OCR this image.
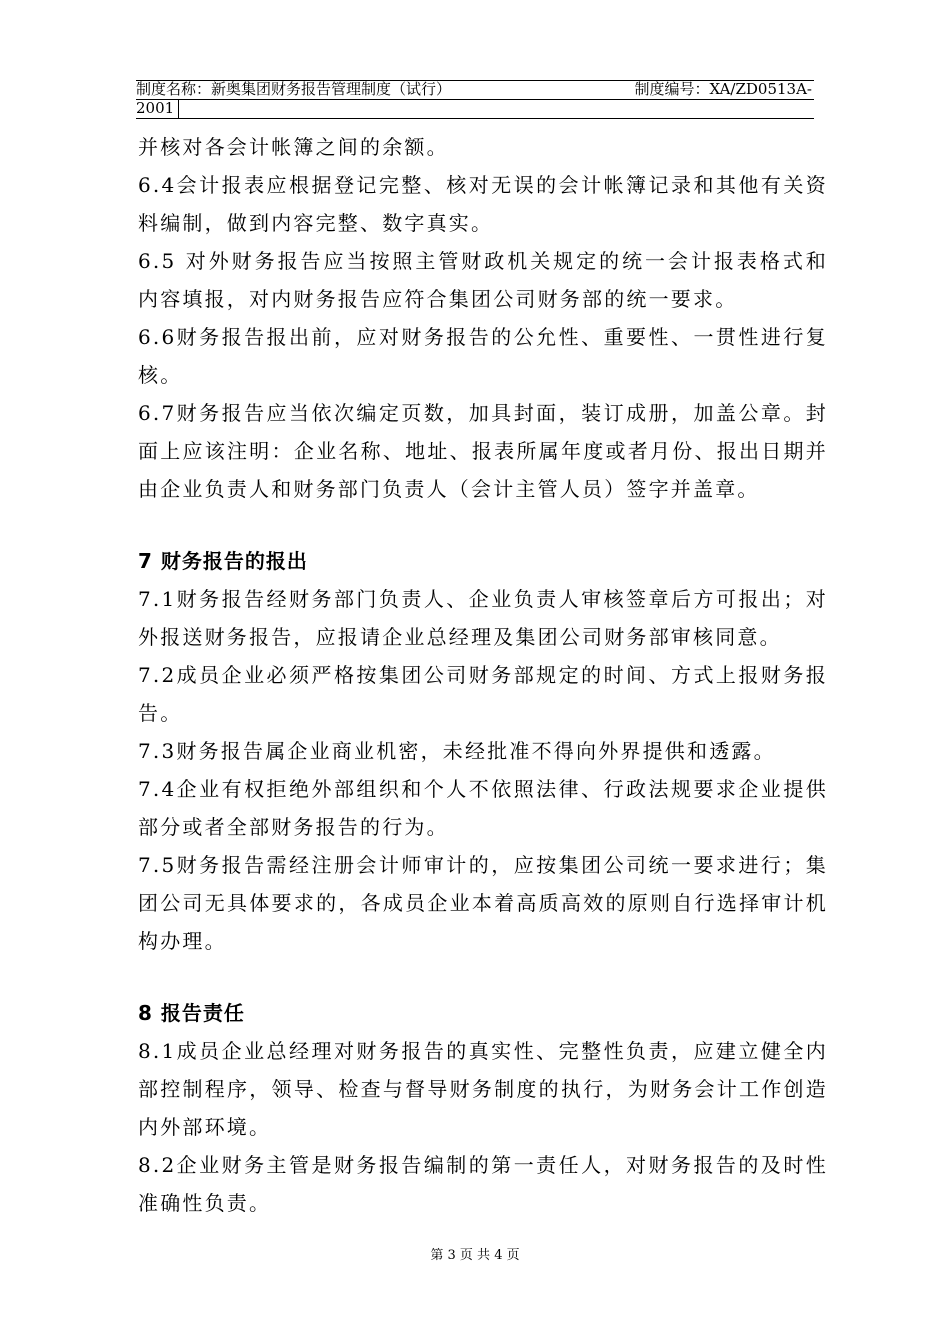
制度名称：新奥集团财务报告管理制度（试行）	制度编号：XA/ZD0513A-
2001

并核对各会计帐簿之间的余额。

6.4会计报表应根据登记完整、核对无误的会计帐簿记录和其他有关资料编制，做到内容完整、数字真实。

6.5 对外财务报告应当按照主管财政机关规定的统一会计报表格式和内容填报，对内财务报告应符合集团公司财务部的统一要求。

6.6财务报告报出前，应对财务报告的公允性、重要性、一贯性进行复核。

6.7财务报告应当依次编定页数，加具封面，装订成册，加盖公章。封面上应该注明：企业名称、地址、报表所属年度或者月份、报出日期并由企业负责人和财务部门负责人（会计主管人员）签字并盖章。

7 财务报告的报出

7.1财务报告经财务部门负责人、企业负责人审核签章后方可报出；对外报送财务报告，应报请企业总经理及集团公司财务部审核同意。

7.2成员企业必须严格按集团公司财务部规定的时间、方式上报财务报告。

7.3财务报告属企业商业机密，未经批准不得向外界提供和透露。

7.4企业有权拒绝外部组织和个人不依照法律、行政法规要求企业提供部分或者全部财务报告的行为。

7.5财务报告需经注册会计师审计的，应按集团公司统一要求进行；集团公司无具体要求的，各成员企业本着高质高效的原则自行选择审计机构办理。

8 报告责任

8.1成员企业总经理对财务报告的真实性、完整性负责，应建立健全内部控制程序，领导、检查与督导财务制度的执行，为财务会计工作创造内外部环境。

8.2企业财务主管是财务报告编制的第一责任人，对财务报告的及时性准确性负责。

第 3 页 共 4 页
